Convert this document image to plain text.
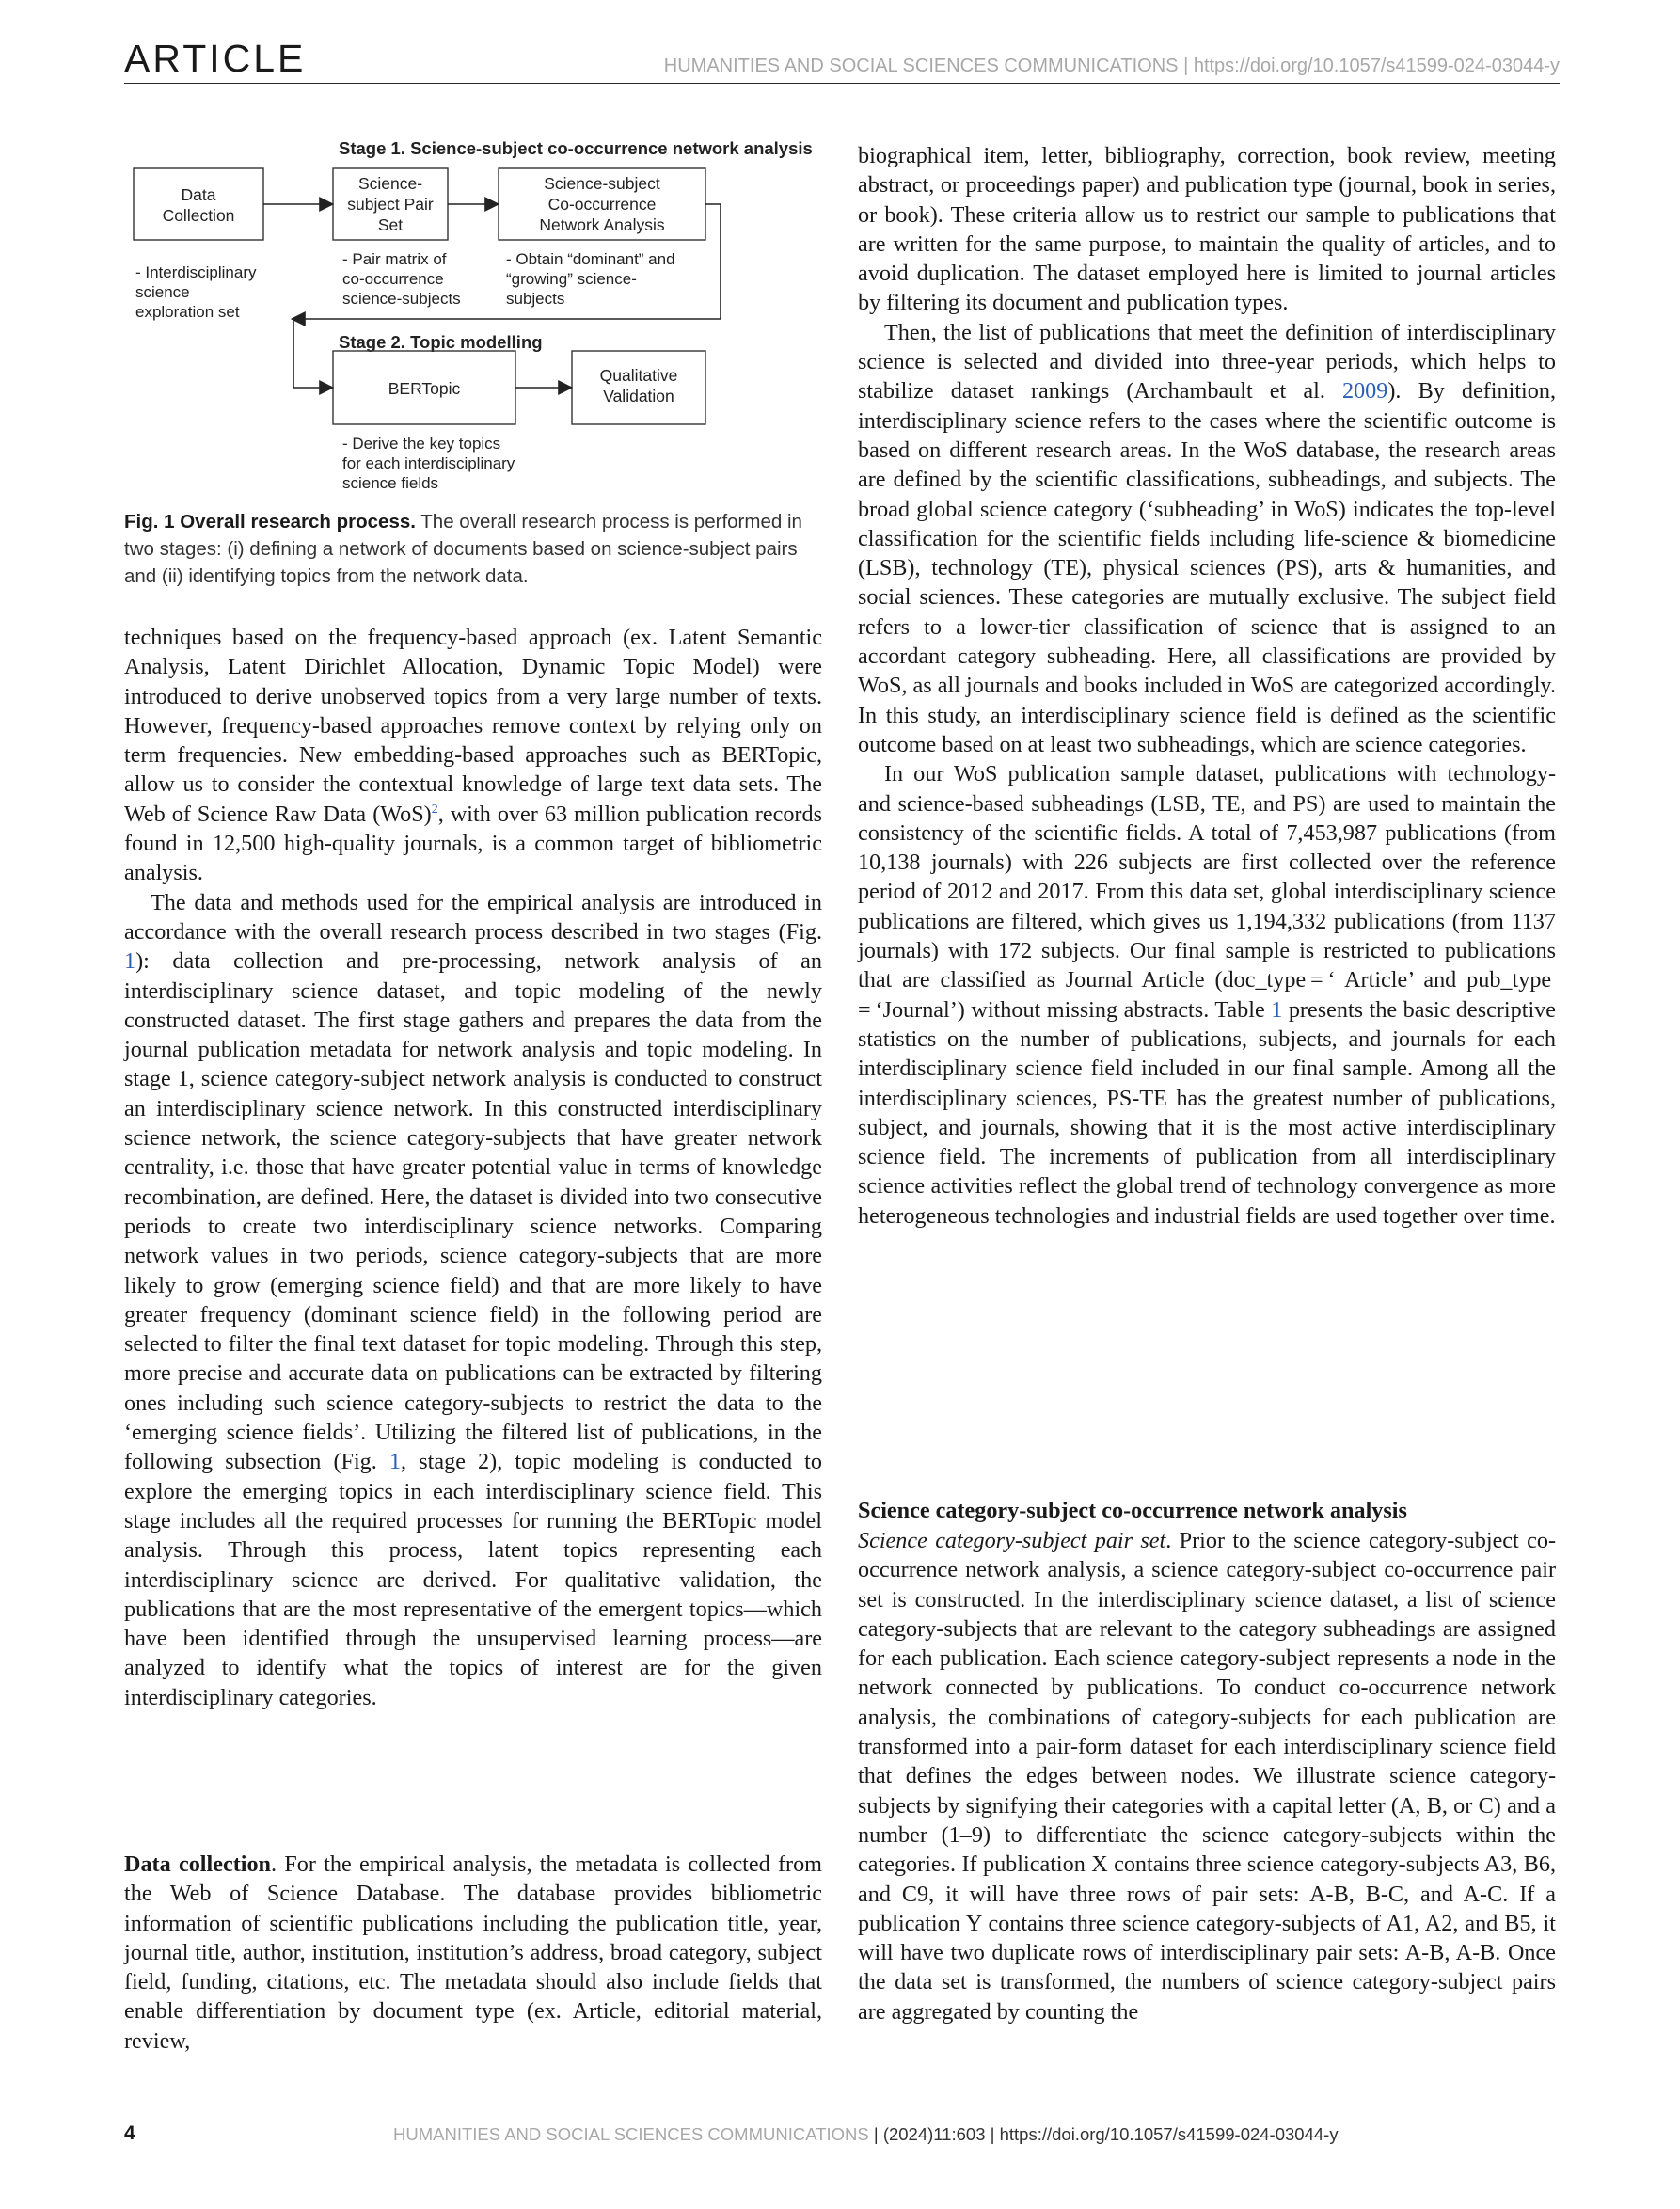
ARTICLE	HUMANITIES AND SOCIAL SCIENCES COMMUNICATIONS | https://doi.org/10.1057/s41599-024-03044-y
Stage 1. Science-subject co-occurrence network analysis
Stage 2. Topic modelling
Data
Collection
Science-
subject Pair
Set
Science-subject
Co-occurrence
Network Analysis
BERTopic
Qualitative
Validation
- Interdisciplinary
science
exploration set
- Pair matrix of
co-occurrence
science-subjects
- Obtain “dominant” and
“growing” science-
subjects
- Derive the key topics
for each interdisciplinary
science fields
Fig. 1 Overall research process. The overall research process is performed in two stages: (i) defining a network of documents based on science-subject pairs and (ii) identifying topics from the network data.

techniques based on the frequency-based approach (ex. Latent Semantic Analysis, Latent Dirichlet Allocation, Dynamic Topic Model) were introduced to derive unobserved topics from a very large number of texts. However, frequency-based approaches remove context by relying only on term frequencies. New embedding-based approaches such as BERTopic, allow us to consider the contextual knowledge of large text data sets. The Web of Science Raw Data (WoS)$^2$, with over 63 million publication records found in 12,500 high-quality journals, is a common target of bibliometric analysis.

The data and methods used for the empirical analysis are introduced in accordance with the overall research process described in two stages (Fig. 1): data collection and pre-processing, network analysis of an interdisciplinary science dataset, and topic modeling of the newly constructed dataset. The first stage gathers and prepares the data from the journal publication metadata for network analysis and topic modeling. In stage 1, science category-subject network analysis is conducted to construct an interdisciplinary science network. In this constructed interdisciplinary science network, the science category-subjects that have greater network centrality, i.e. those that have greater potential value in terms of knowledge recombination, are defined. Here, the dataset is divided into two consecutive periods to create two interdisciplinary science networks. Comparing network values in two periods, science category-subjects that are more likely to grow (emerging science field) and that are more likely to have greater frequency (dominant science field) in the following period are selected to filter the final text dataset for topic modeling. Through this step, more precise and accurate data on publications can be extracted by filtering ones including such science category-subjects to restrict the data to the ‘emerging science fields’. Utilizing the filtered list of publications, in the following subsection (Fig. 1, stage 2), topic modeling is conducted to explore the emerging topics in each interdisciplinary science field. This stage includes all the required processes for running the BERTopic model analysis. Through this process, latent topics representing each interdisciplinary science are derived. For qualitative validation, the publications that are the most representative of the emergent topics—which have been identified through the unsupervised learning process—are analyzed to identify what the topics of interest are for the given interdisciplinary categories.

Data collection. For the empirical analysis, the metadata is collected from the Web of Science Database. The database provides bibliometric information of scientific publications including the publication title, year, journal title, author, institution, institution’s address, broad category, subject field, funding, citations, etc. The metadata should also include fields that enable differentiation by document type (ex. Article, editorial material, review,

biographical item, letter, bibliography, correction, book review, meeting abstract, or proceedings paper) and publication type (journal, book in series, or book). These criteria allow us to restrict our sample to publications that are written for the same purpose, to maintain the quality of articles, and to avoid duplication. The dataset employed here is limited to journal articles by filtering its document and publication types.

Then, the list of publications that meet the definition of interdisciplinary science is selected and divided into three-year periods, which helps to stabilize dataset rankings (Archambault et al. 2009). By definition, interdisciplinary science refers to the cases where the scientific outcome is based on different research areas. In the WoS database, the research areas are defined by the scientific classifications, subheadings, and subjects. The broad global science category (‘subheading’ in WoS) indicates the top-level classification for the scientific fields including life-science & biomedicine (LSB), technology (TE), physical sciences (PS), arts & humanities, and social sciences. These categories are mutually exclusive. The subject field refers to a lower-tier classification of science that is assigned to an accordant category subheading. Here, all classifications are provided by WoS, as all journals and books included in WoS are categorized accordingly. In this study, an interdisciplinary science field is defined as the scientific outcome based on at least two subheadings, which are science categories.

In our WoS publication sample dataset, publications with technology- and science-based subheadings (LSB, TE, and PS) are used to maintain the consistency of the scientific fields. A total of 7,453,987 publications (from 10,138 journals) with 226 subjects are first collected over the reference period of 2012 and 2017. From this data set, global interdisciplinary science publications are filtered, which gives us 1,194,332 publications (from 1137 journals) with 172 subjects. Our final sample is restricted to publications that are classified as Journal Article (doc_type = ‘ Article’ and pub_type = ‘Journal’) without missing abstracts. Table 1 presents the basic descriptive statistics on the number of publications, subjects, and journals for each interdisciplinary science field included in our final sample. Among all the interdisciplinary sciences, PS-TE has the greatest number of publications, subject, and journals, showing that it is the most active interdisciplinary science field. The increments of publication from all interdisciplinary science activities reflect the global trend of technology convergence as more heterogeneous technologies and industrial fields are used together over time.

Science category-subject co-occurrence network analysis

Science category-subject pair set. Prior to the science category-subject co-occurrence network analysis, a science category-subject co-occurrence pair set is constructed. In the interdisciplinary science dataset, a list of science category-subjects that are relevant to the category subheadings are assigned for each publication. Each science category-subject represents a node in the network connected by publications. To conduct co-occurrence network analysis, the combinations of category-subjects for each publication are transformed into a pair-form dataset for each interdisciplinary science field that defines the edges between nodes. We illustrate science category-subjects by signifying their categories with a capital letter (A, B, or C) and a number (1–9) to differentiate the science category-subjects within the categories. If publication X contains three science category-subjects A3, B6, and C9, it will have three rows of pair sets: A-B, B-C, and A-C. If a publication Y contains three science category-subjects of A1, A2, and B5, it will have two duplicate rows of interdisciplinary pair sets: A-B, A-B. Once the data set is transformed, the numbers of science category-subject pairs are aggregated by counting the

4	HUMANITIES AND SOCIAL SCIENCES COMMUNICATIONS | (2024)11:603 | https://doi.org/10.1057/s41599-024-03044-y
